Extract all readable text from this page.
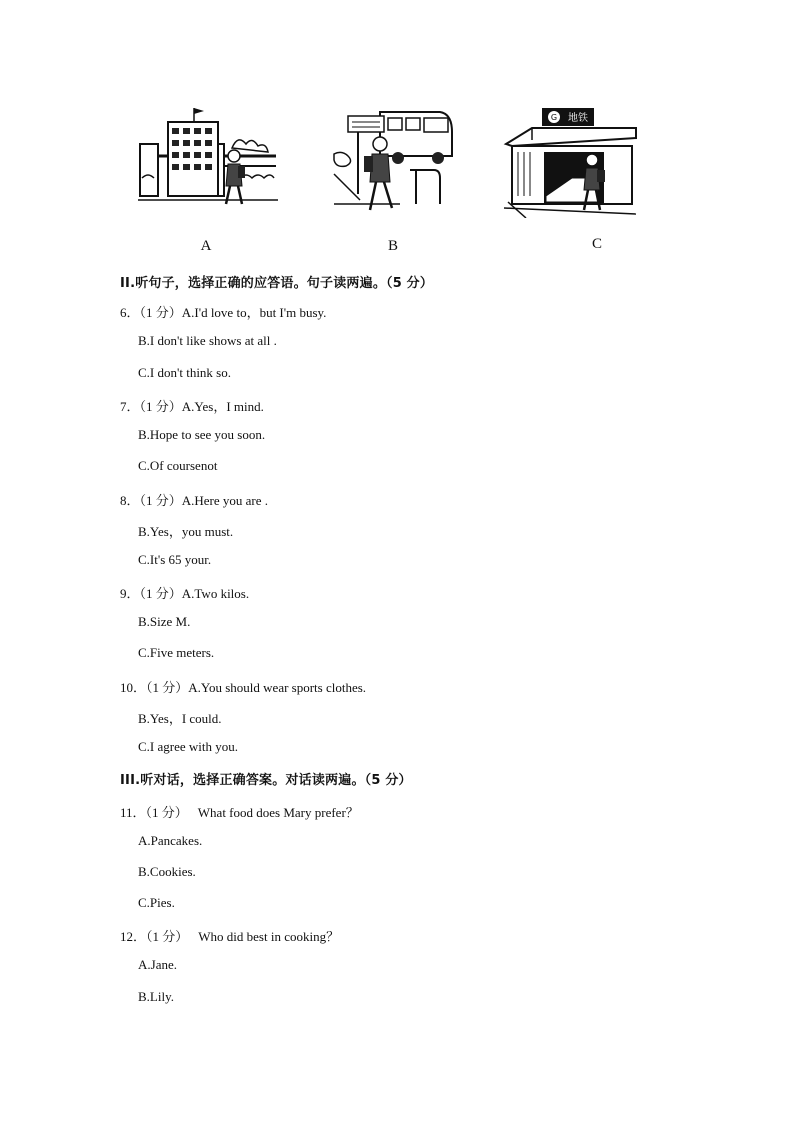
A	B
G 地铁
C
II.听句子，选择正确的应答语。句子读两遍。（5 分）
6．（1 分）A.I'd love to，but I'm busy.
B.I don't like shows at all .
C.I don't think so.
7．（1 分）A.Yes，I mind.
B.Hope to see you soon.
C.Of coursenot
8．（1 分）A.Here you are .
B.Yes，you must.
C.It's 65 your.
9．（1 分）A.Two kilos.
B.Size M.
C.Five meters.
10．（1 分）A.You should wear sports clothes.
B.Yes，I could.
C.I agree with you.
III.听对话，选择正确答案。对话读两遍。（5 分）
11．（1 分） What food does Mary prefer？
A.Pancakes.
B.Cookies.
C.Pies.
12．（1 分） Who did best in cooking？
A.Jane.
B.Lily.
